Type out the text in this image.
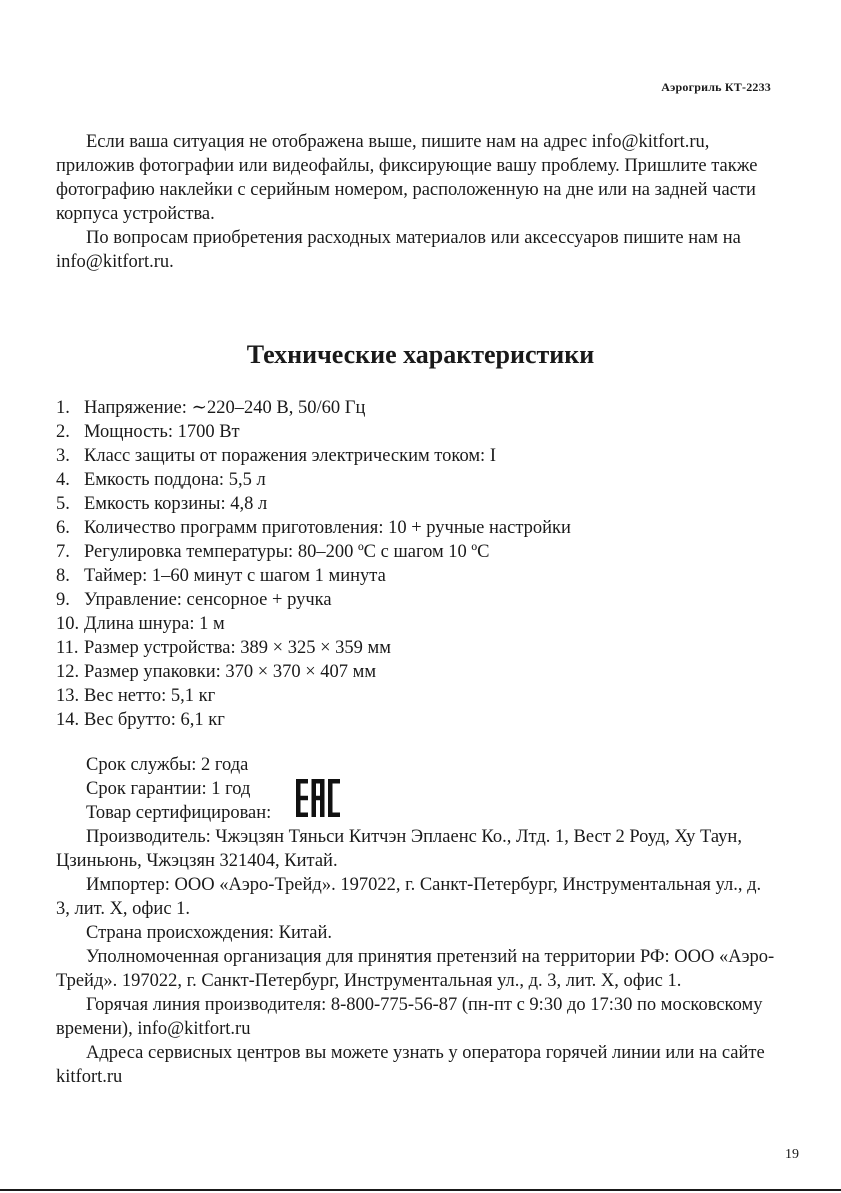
Аэрогриль КТ-2233

Если ваша ситуация не отображена выше, пишите нам на адрес info@kitfort.ru, приложив фотографии или видеофайлы, фиксирующие вашу проблему. Пришлите также фотографию наклейки с серийным номером, расположенную на дне или на задней части корпуса устройства.

По вопросам приобретения расходных материалов или аксессуаров пишите нам на info@kitfort.ru.

Технические характеристики
1. Напряжение: ∼220–240 В, 50/60 Гц
2. Мощность: 1700 Вт
3. Класс защиты от поражения электрическим током: I
4. Емкость поддона: 5,5 л
5. Емкость корзины: 4,8 л
6. Количество программ приготовления: 10 + ручные настройки
7. Регулировка температуры: 80–200 ºС с шагом 10 ºС
8. Таймер: 1–60 минут с шагом 1 минута
9. Управление: сенсорное + ручка
10. Длина шнура: 1 м
11. Размер устройства: 389 × 325 × 359 мм
12. Размер упаковки: 370 × 370 × 407 мм
13. Вес нетто: 5,1 кг
14. Вес брутто: 6,1 кг

Срок службы: 2 года

Срок гарантии: 1 год

Товар сертифицирован:

Производитель: Чжэцзян Тяньси Китчэн Эплаенс Ко., Лтд. 1, Вест 2 Роуд, Ху Таун, Цзиньюнь, Чжэцзян 321404, Китай.

Импортер: ООО «Аэро-Трейд». 197022, г. Санкт-Петербург, Инструментальная ул., д. 3, лит. Х, офис 1.

Страна происхождения: Китай.

Уполномоченная организация для принятия претензий на территории РФ: ООО «Аэро-Трейд». 197022, г. Санкт-Петербург, Инструментальная ул., д. 3, лит. Х, офис 1.

Горячая линия производителя: 8-800-775-56-87 (пн-пт с 9:30 до 17:30 по московскому времени), info@kitfort.ru

Адреса сервисных центров вы можете узнать у оператора горячей линии или на сайте kitfort.ru

19
